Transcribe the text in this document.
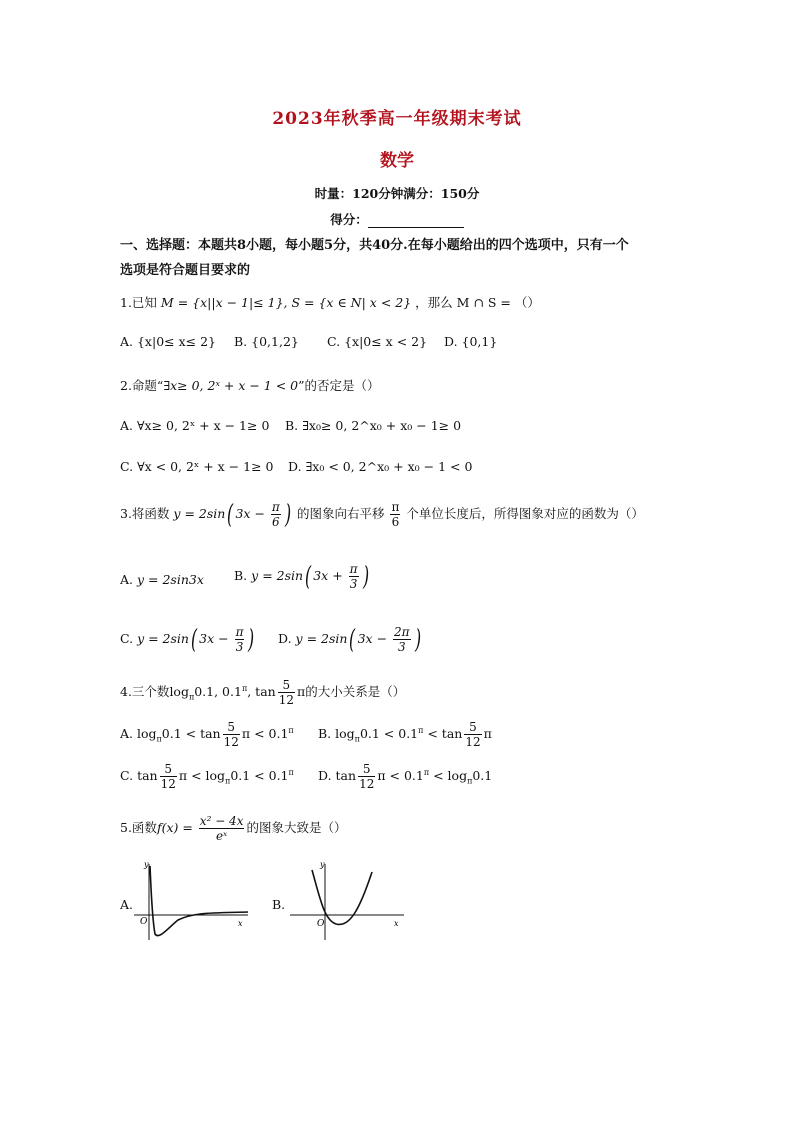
2023年秋季高一年级期末考试
数学
时量：120分钟满分：150分
得分：
一、选择题：本题共8小题，每小题5分，共40分.在每小题给出的四个选项中，只有一个
选项是符合题目要求的
1.已知 M = {x||x − 1|≤ 1}, S = {x ∈ N| x < 2} ，那么 M ∩ S = （）
A. {x|0≤ x≤ 2} B. {0,1,2} C. {x|0≤ x < 2} D. {0,1}
2.命题“∃x≥ 0, 2ˣ + x − 1 < 0”的否定是（）
A. ∀x≥ 0, 2ˣ + x − 1≥ 0 B. ∃x₀≥ 0, 2^x₀ + x₀ − 1≥ 0
C. ∀x < 0, 2ˣ + x − 1≥ 0 D. ∃x₀ < 0, 2^x₀ + x₀ − 1 < 0
3.将函数 y = 2sin( $3x - \frac{\pi}{6}$ ) 的图象向右平移 $\frac{\pi}{6}$ 个单位长度后，所得图象对应的函数为（）
A. y = 2sin3x B. y = 2sin( $3x + \frac{\pi}{3}$ )
C. y = 2sin( $3x - \frac{\pi}{3}$ ) D. y = 2sin( $3x - \frac{2\pi}{3}$ )
4.三个数$\log_\pi 0.1$, $0.1^\pi$, $\tan \frac{5}{12}$ π的大小关系是（）
A. $\log_\pi 0.1 < \tan \frac{5}{12}$ $\pi < 0.1^\pi$ B. $\log_\pi 0.1 < 0.1^\pi < \tan \frac{5}{12}$ π
C. $\tan \frac{5}{12}$ $\pi < \log_\pi 0.1 < 0.1^\pi$ D. $\tan \frac{5}{12}$ $\pi < 0.1^\pi < \log_\pi 0.1$
5.函数$f(x) = \frac{\text{x² − 4x}}{\text{eˣ}}$ 的图象大致是（）
A.
y
O	x
B.
y
O	x
